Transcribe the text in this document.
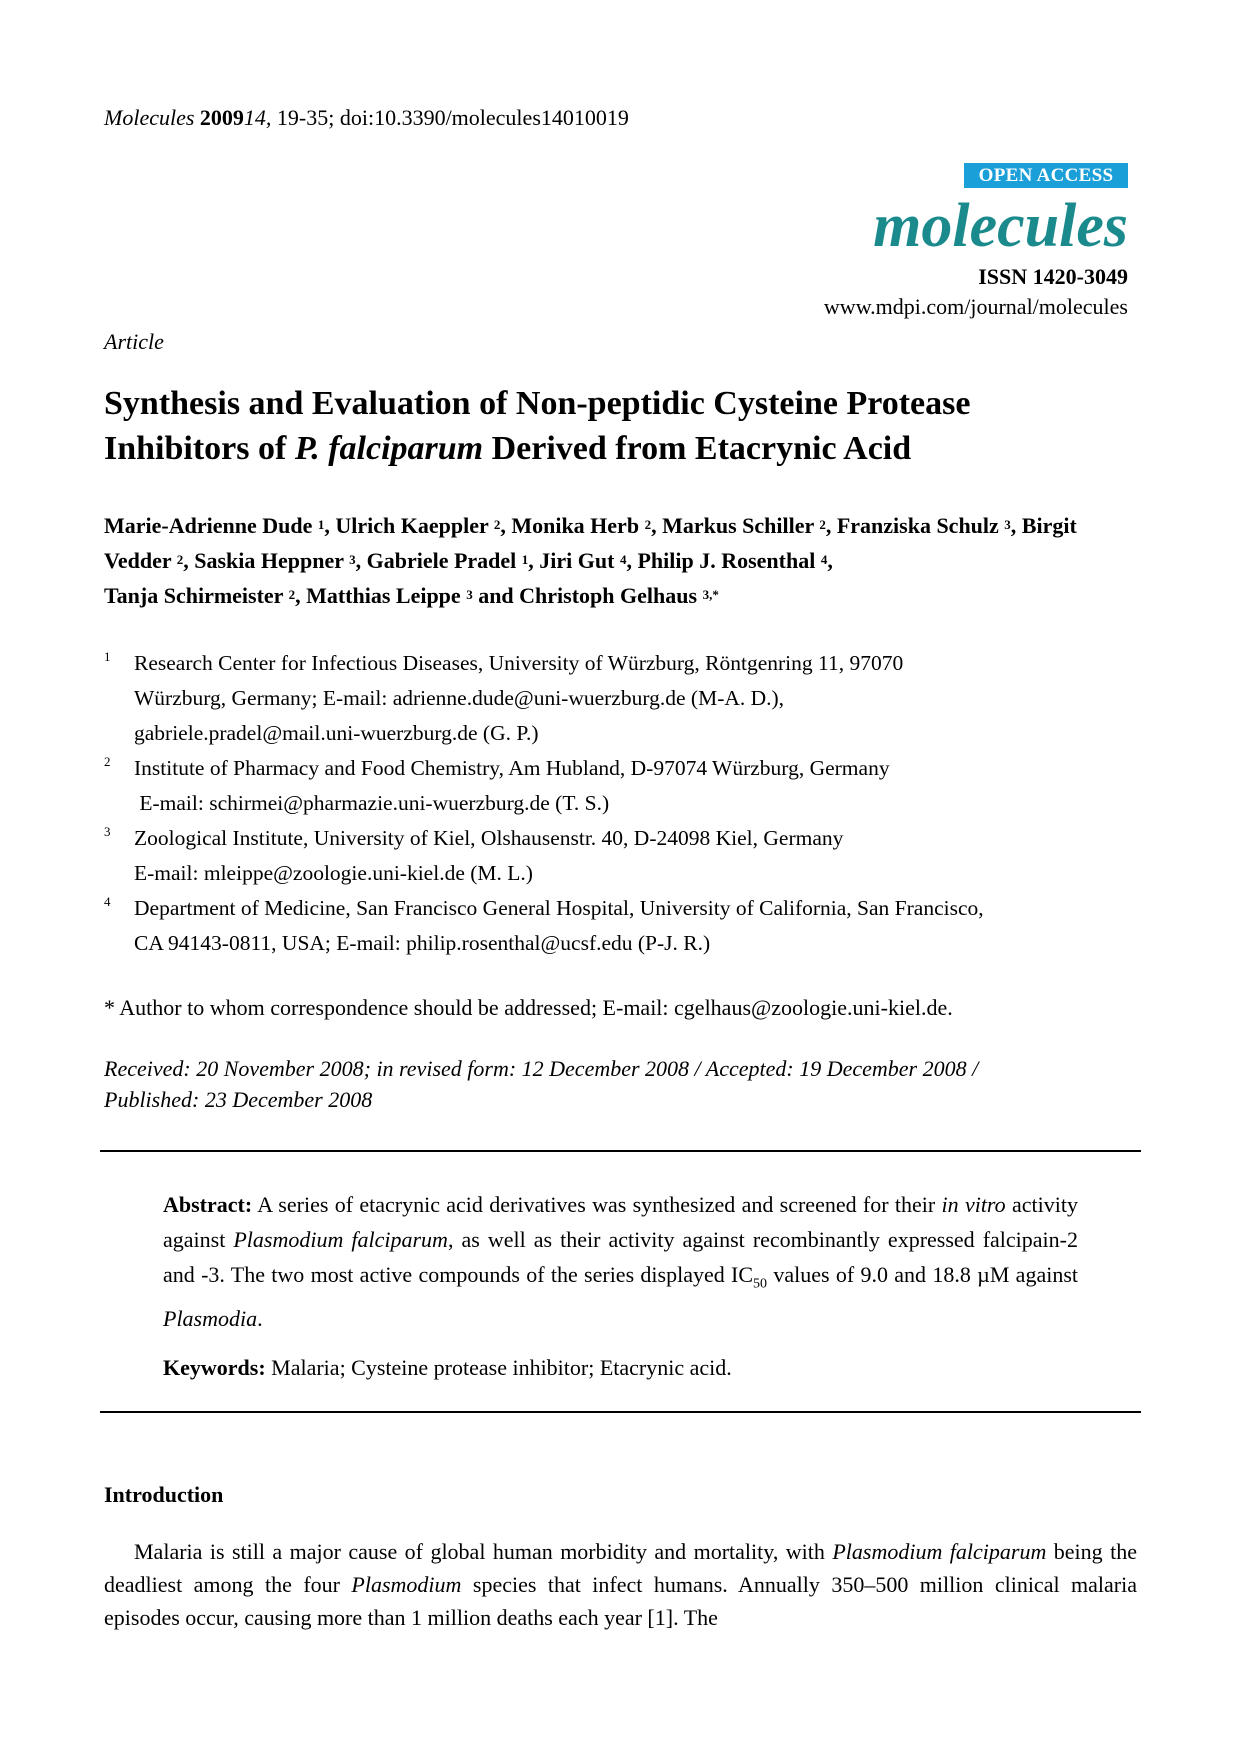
Molecules 200914, 19-35; doi:10.3390/molecules14010019
OPEN ACCESS
molecules
ISSN 1420-3049
www.mdpi.com/journal/molecules
Article
Synthesis and Evaluation of Non-peptidic Cysteine Protease
Inhibitors of P. falciparum Derived from Etacrynic Acid
Marie-Adrienne Dude $^1$, Ulrich Kaeppler $^2$, Monika Herb $^2$, Markus Schiller $^2$, Franziska Schulz $^3$, Birgit Vedder $^2$, Saskia Heppner $^3$, Gabriele Pradel $^1$, Jiri Gut $^4$, Philip J. Rosenthal $^4$,
Tanja Schirmeister $^2$, Matthias Leippe $^3$ and Christoph Gelhaus $^{3,*}$
1 Research Center for Infectious Diseases, University of Würzburg, Röntgenring 11, 97070
Würzburg, Germany; E-mail: adrienne.dude@uni-wuerzburg.de (M-A. D.),
gabriele.pradel@mail.uni-wuerzburg.de (G. P.)
2 Institute of Pharmacy and Food Chemistry, Am Hubland, D-97074 Würzburg, Germany
E-mail: schirmei@pharmazie.uni-wuerzburg.de (T. S.)
3 Zoological Institute, University of Kiel, Olshausenstr. 40, D-24098 Kiel, Germany
E-mail: mleippe@zoologie.uni-kiel.de (M. L.)
4 Department of Medicine, San Francisco General Hospital, University of California, San Francisco,
CA 94143-0811, USA; E-mail: philip.rosenthal@ucsf.edu (P-J. R.)
* Author to whom correspondence should be addressed; E-mail: cgelhaus@zoologie.uni-kiel.de.
Received: 20 November 2008; in revised form: 12 December 2008 / Accepted: 19 December 2008 /
Published: 23 December 2008
Abstract: A series of etacrynic acid derivatives was synthesized and screened for their in vitro activity against Plasmodium falciparum, as well as their activity against recombinantly expressed falcipain-2 and -3. The two most active compounds of the series displayed $IC_{50}$ values of 9.0 and 18.8 µM against Plasmodia.
Keywords: Malaria; Cysteine protease inhibitor; Etacrynic acid.
Introduction
Malaria is still a major cause of global human morbidity and mortality, with Plasmodium falciparum being the deadliest among the four Plasmodium species that infect humans. Annually 350–500 million clinical malaria episodes occur, causing more than 1 million deaths each year [1]. The
